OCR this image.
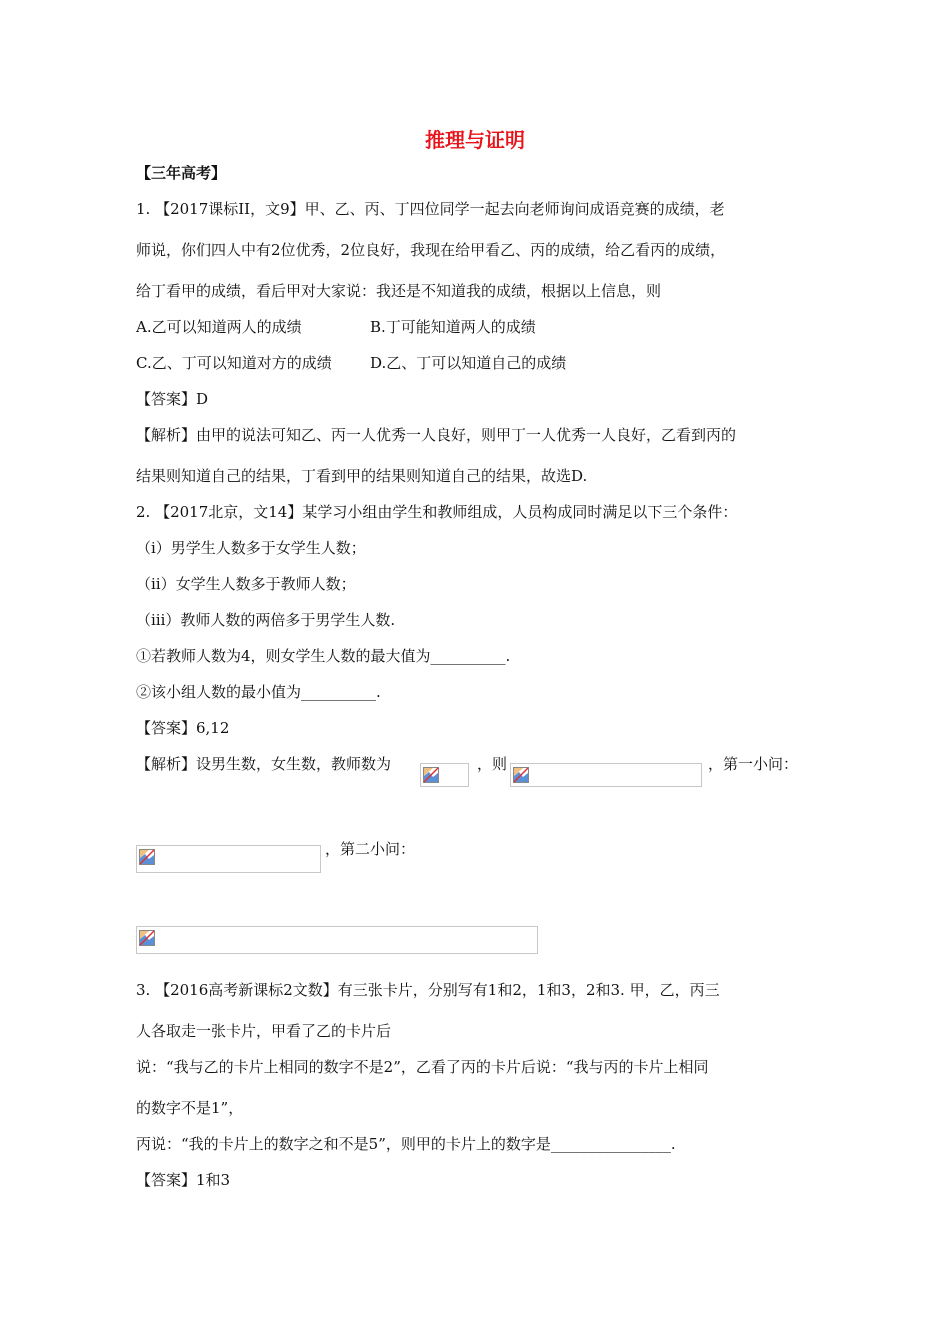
推理与证明
【三年高考】
1. 【2017课标II，文9】甲、乙、丙、丁四位同学一起去向老师询问成语竞赛的成绩，老
师说，你们四人中有2位优秀，2位良好，我现在给甲看乙、丙的成绩，给乙看丙的成绩，
给丁看甲的成绩，看后甲对大家说：我还是不知道我的成绩，根据以上信息，则
A.乙可以知道两人的成绩	B.丁可能知道两人的成绩
C.乙、丁可以知道对方的成绩	D.乙、丁可以知道自己的成绩
【答案】D
【解析】由甲的说法可知乙、丙一人优秀一人良好，则甲丁一人优秀一人良好，乙看到丙的
结果则知道自己的结果，丁看到甲的结果则知道自己的结果，故选D.
2. 【2017北京，文14】某学习小组由学生和教师组成，人员构成同时满足以下三个条件：
（ⅰ）男学生人数多于女学生人数；
（ⅱ）女学生人数多于教师人数；
（ⅲ）教师人数的两倍多于男学生人数.
①若教师人数为4，则女学生人数的最大值为__________.
②该小组人数的最小值为__________.
【答案】6,12
【解析】设男生数，女生数，教师数为	，则	，第一小问：
，第二小问：
3. 【2016高考新课标2文数】有三张卡片，分别写有1和2，1和3，2和3. 甲，乙，丙三
人各取走一张卡片，甲看了乙的卡片后
说：“我与乙的卡片上相同的数字不是2”，乙看了丙的卡片后说：“我与丙的卡片上相同
的数字不是1”，
丙说：“我的卡片上的数字之和不是5”，则甲的卡片上的数字是________________.
【答案】1和3
